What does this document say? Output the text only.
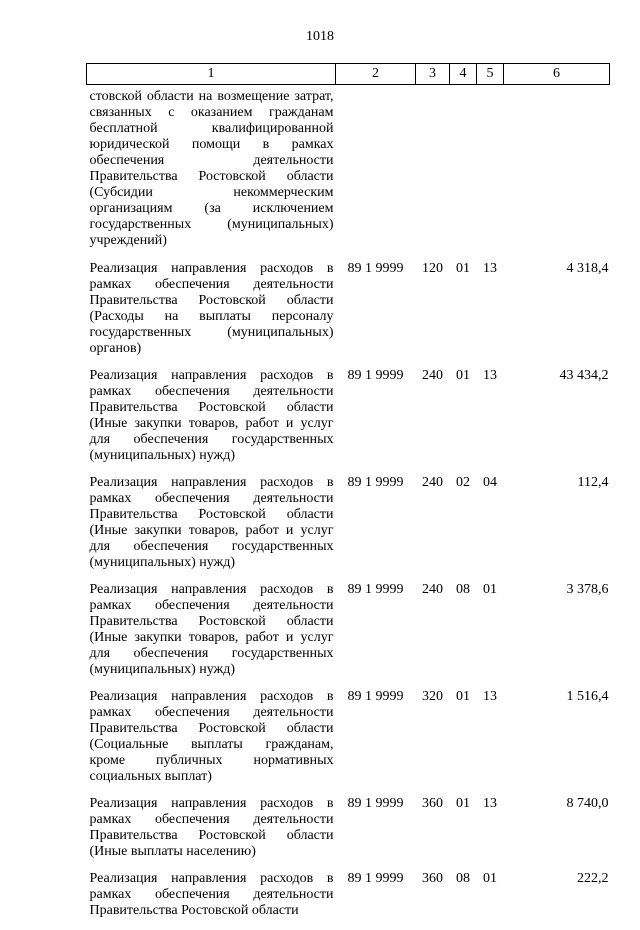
1018
1	2	3	4	5	6
стовской области на возмещение затрат, связанных с оказанием гражданам бесплатной квалифицированной юридической помощи в рамках обеспечения деятельности Правительства Ростовской области (Субсидии некоммерческим организациям (за исключением государственных (муниципальных) учреждений)					
Реализация направления расходов в рамках обеспечения деятельности Правительства Ростовской области (Расходы на выплаты персоналу государственных (муниципальных) органов)	89 1 9999	120	01	13	4 318,4
Реализация направления расходов в рамках обеспечения деятельности Правительства Ростовской области (Иные закупки товаров, работ и услуг для обеспечения государственных (муниципальных) нужд)	89 1 9999	240	01	13	43 434,2
Реализация направления расходов в рамках обеспечения деятельности Правительства Ростовской области (Иные закупки товаров, работ и услуг для обеспечения государственных (муниципальных) нужд)	89 1 9999	240	02	04	112,4
Реализация направления расходов в рамках обеспечения деятельности Правительства Ростовской области (Иные закупки товаров, работ и услуг для обеспечения государственных (муниципальных) нужд)	89 1 9999	240	08	01	3 378,6
Реализация направления расходов в рамках обеспечения деятельности Правительства Ростовской области (Социальные выплаты гражданам, кроме публичных нормативных социальных выплат)	89 1 9999	320	01	13	1 516,4
Реализация направления расходов в рамках обеспечения деятельности Правительства Ростовской области (Иные выплаты населению)	89 1 9999	360	01	13	8 740,0
Реализация направления расходов в рамках обеспечения деятельности Правительства Ростовской области	89 1 9999	360	08	01	222,2
